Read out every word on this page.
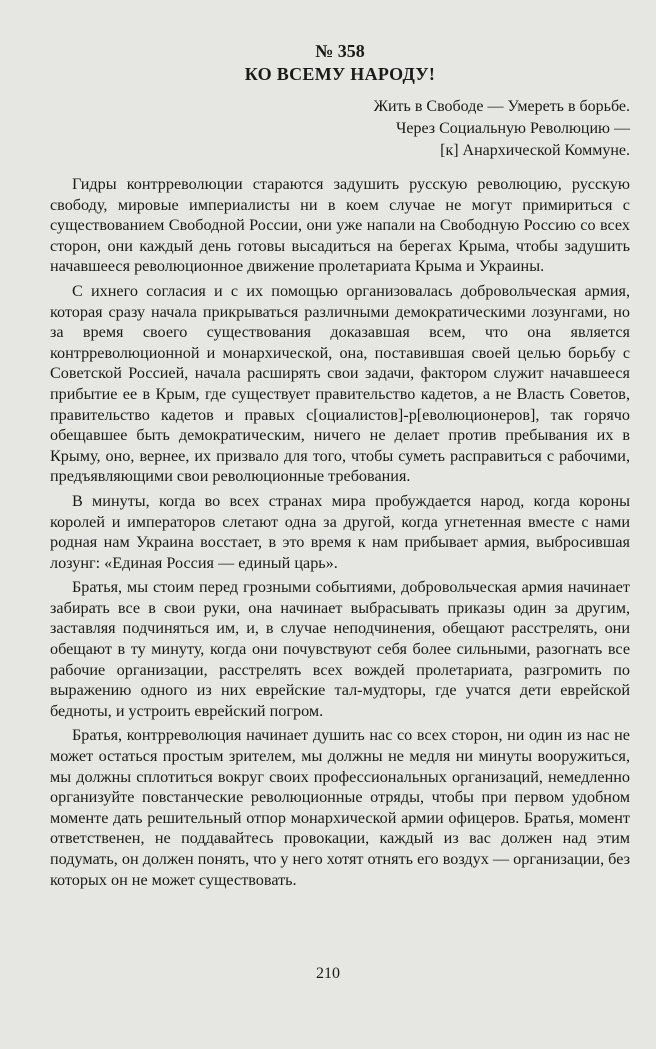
№ 358
КО ВСЕМУ НАРОДУ!
Жить в Свободе — Умереть в борьбе.
Через Социальную Революцию —
[к] Анархической Коммуне.

Гидры контрреволюции стараются задушить русскую революцию, русскую свободу, мировые империалисты ни в коем случае не могут примириться с существованием Свободной России, они уже напали на Свободную Россию со всех сторон, они каждый день готовы высадиться на берегах Крыма, чтобы задушить начавшееся революционное движение пролетариата Крыма и Украины.

С ихнего согласия и с их помощью организовалась добровольческая армия, которая сразу начала прикрываться различными демократическими лозунгами, но за время своего существования доказавшая всем, что она является контрреволюционной и монархической, она, поставившая своей целью борьбу с Советской Россией, начала расширять свои задачи, фактором служит начавшееся прибытие ее в Крым, где существует правительство кадетов, а не Власть Советов, правительство кадетов и правых с[оциалистов]-р[еволюционеров], так горячо обещавшее быть демократическим, ничего не делает против пребывания их в Крыму, оно, вернее, их призвало для того, чтобы суметь расправиться с рабочими, предъявляющими свои революционные требования.

В минуты, когда во всех странах мира пробуждается народ, когда короны королей и императоров слетают одна за другой, когда угнетенная вместе с нами родная нам Украина восстает, в это время к нам прибывает армия, выбросившая лозунг: «Единая Россия — единый царь».

Братья, мы стоим перед грозными событиями, добровольческая армия начинает забирать все в свои руки, она начинает выбрасывать приказы один за другим, заставляя подчиняться им, и, в случае неподчинения, обещают расстрелять, они обещают в ту минуту, когда они почувствуют себя более сильными, разогнать все рабочие организации, расстрелять всех вождей пролетариата, разгромить по выражению одного из них еврейские тал-мудторы, где учатся дети еврейской бедноты, и устроить еврейский погром.

Братья, контрреволюция начинает душить нас со всех сторон, ни один из нас не может остаться простым зрителем, мы должны не медля ни минуты вооружиться, мы должны сплотиться вокруг своих профессиональных организаций, немедленно организуйте повстанческие революционные отряды, чтобы при первом удобном моменте дать решительный отпор монархической армии офицеров. Братья, момент ответственен, не поддавайтесь провокации, каждый из вас должен над этим подумать, он должен понять, что у него хотят отнять его воздух — организации, без которых он не может существовать.

210
